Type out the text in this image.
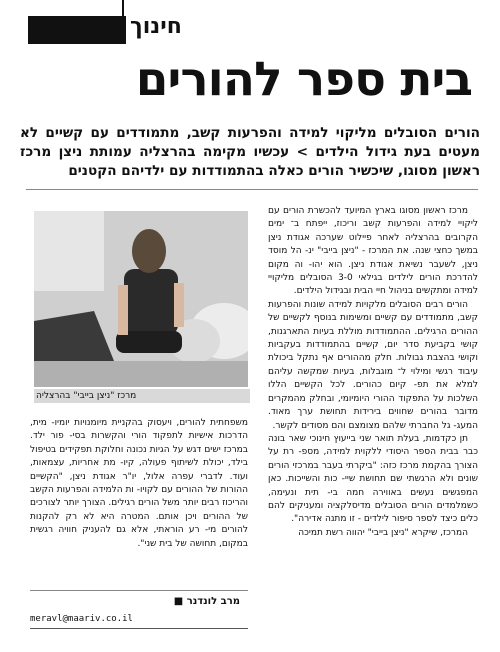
חינוך
בית ספר להורים
הורים הסובלים מליקוי למידה והפרעות קשב, מתמודדים עם קשיים לא מעטים בעת גידול הילדים > עכשיו מקימה בהרצליה עמותת ניצן מרכז ראשון מסוגו, שיכשיר הורים כאלה בהתמודדות עם ילדיהם הקטנים

מרכז ראשון מסוגו בארץ המיועד להכשרת הורים עם ליקויי למידה והפרעות קשב וריכוז, ייפתח ב־ ימים הקרובים בהרצליה לאחר פיילוט שערכה אגודת ניצן במשך כחצי שנה. את המרכז - "ניצן בייבי" ינ- הל מוסד ניצן, לשעבר נשיאת אגודת ניצן. הוא יהו- וה מקום להדרכת הורים לילדים בגילאי 3-0 הסובלים מליקויי למידה ומתקשים בניהול חיי הבית ובגידול הילדים.

הורים רבים הסובלים מלקויות למידה שונות והפרעות קשב, מתמודדים עם קשיים ומשימות בנוסף לקשיים של ההורים הרגילים. ההתמודדות מוללת בעיות התארגנות, קושי בקביעת סדר יום, קשיים בהתמודדות בעקביות וקושי בהצבת גבולות. חלק מההורים אף נתקל ביכולת עיבוד רגשי ומילוי ל־ מוגבלות, בעיות שמקשה עליהם למלא את תפ- קיום כהורים. לכל הקשיים הללו השלכות על התפקוד ההורי היומיומי, ובחלק מהמקרים מדובר בהורים שחווים בירידות תחושת ערך מאוד. המעג- גל החברתי שלהם מצומצם והם מסודים לקשר.

תן כקדמות, בעלת תואר שני בייעוץ חינוכי שאר בונה כבר בבית הספר היסודי ללקוית למידה, מספ- רת על הצורך בהקמת מרכז כזה: "ביקרתי בעבר במרכזי הורים שונים ולא הרגשתי שם תחושת שיי- כות והשייכות. כאן המפגשים נעשים באווירה חמה בי- תית ונעימה, כשמלמדים הורים הסובלים מדיסלקציה ומעניקים להם כלים כיצד לספר סיפור לילדים - זו מתנה אדירה".

המרכז, שיקרא "ניצן בייבי" יהווה רשת תמיכה

מרכז "ניצן בייבי" בהרצליה

משפחתית להורים, ויעסוק בהקניית מיומנויות יומיו- מית, הדרכות אישיות לתפקוד הורי והקשרות בסי- פור ילד. במרכז ישים דגש על הגיות נכונה וחלוקת תפקידים בטיפול בילד, יכולת לשיתוף פעולה, קיו- מת אחריות, עצמאות, ועוד. לדברי עפרה אלול, יו"ר אגודת ניצן, "הקשיים ההורות של ההורים עם לקויו- ות הלמידה והפרעות הקשב והריכוז רבים יותר משל הורים רגילים. הצורך יותר לצורכים של ההורים ויכן אותם. המטרה היא לא רק להקנות להורים מי- רע הוראתי, אלא גם להעניק חוויה רגשית במקום, תחושה של בית שני".

מרב לונדנר ■
meravl@maariv.co.il
